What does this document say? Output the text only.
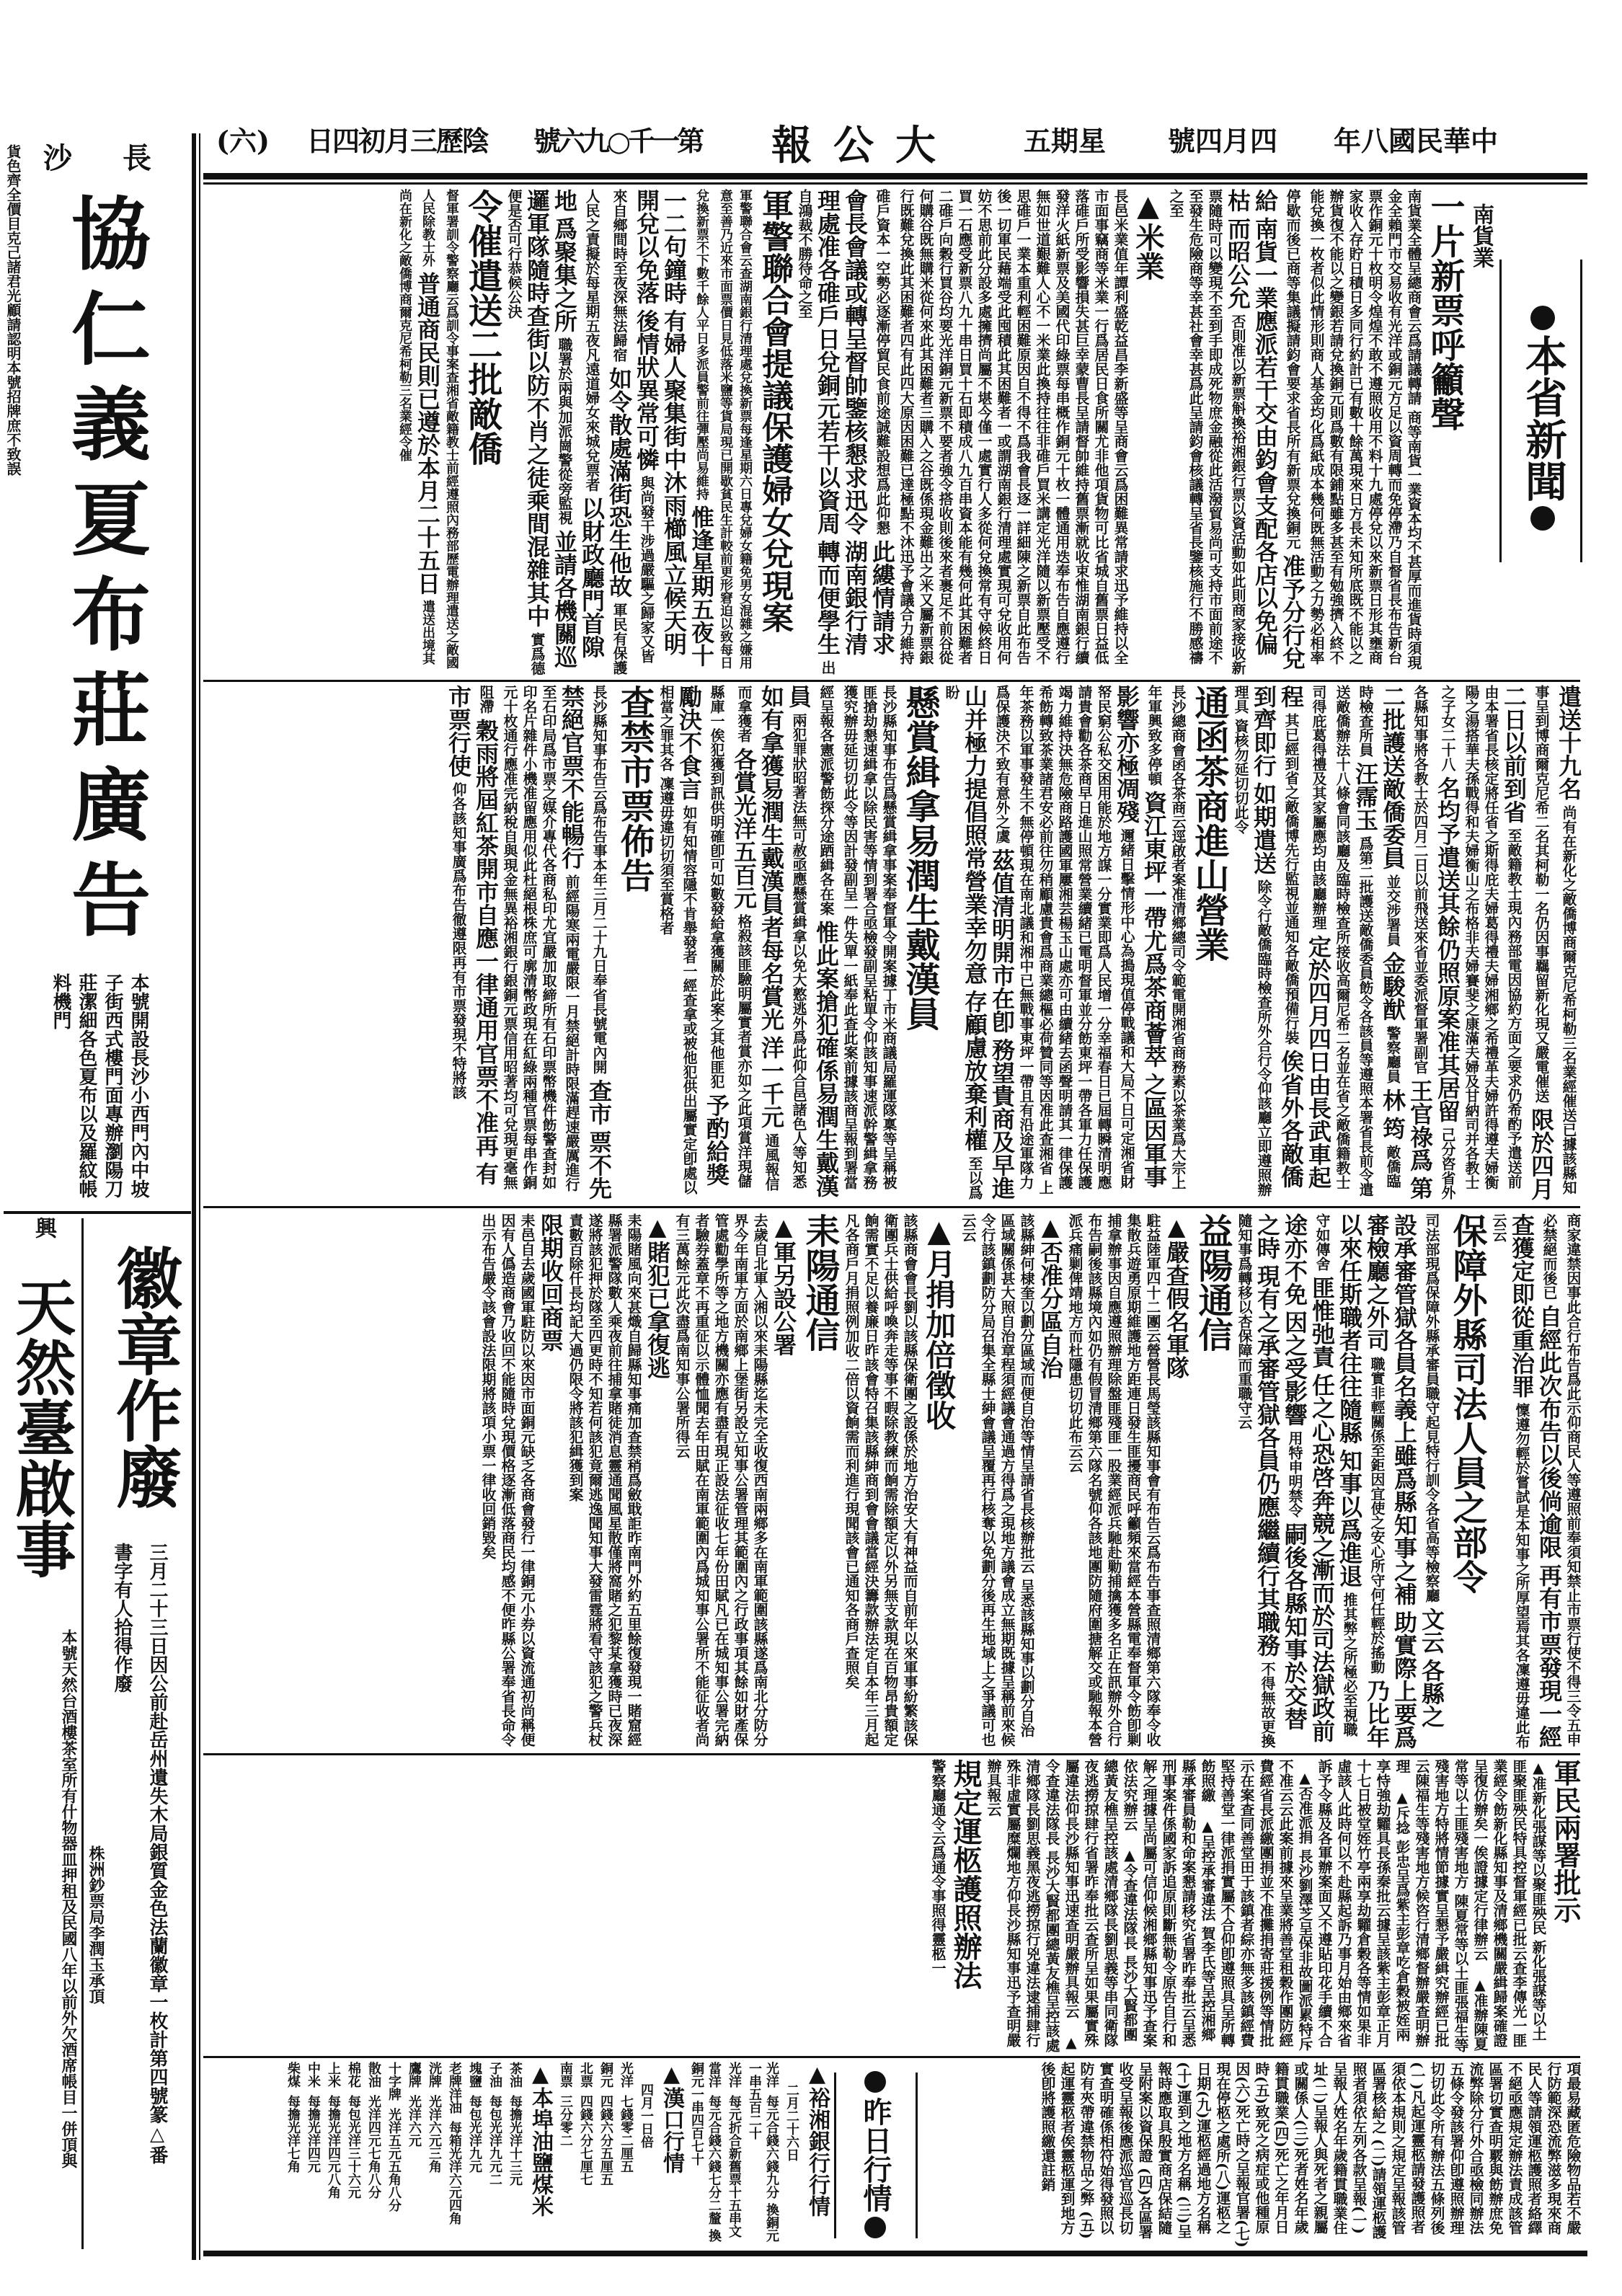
(六) 陰歷三月初四日 第一千○九六號 大公報 星期五 四月四號 中華民國八年
本省新聞
南貨業
一片新票呼籲聲
南貨業全體呈總商會云爲請議轉請 商等南貨一業資本均不甚厚而進貨時須現金全賴門市交易收有光洋或銅元方足以資周轉而免停滯乃自督省長布告新台票作銅元十枚明令煌煌不敢不遵照收用不料十九處停兌以來新票日形其壅商家收入存貯日積日多同行約計已有數十餘萬現來日方長未知所底既不能以之辦貨復不能以之變銀若請兌換銅元則爲數有限鋪點雖多甚至有勉強擠入終不能兌換一枚者似此情形則商人基金均化爲紙成本幾何既無活動之力勢必相率停歇而後已商等集議擬請鈞會要求省長所有新票兌換銅元 准予分行兌給 南貨一業應派若干交由鈞會支配各店以免偏枯 而昭公允 否則准以新票斛換裕湘銀行票以資活動如此則商家接收新票隨時可以變現不至到手即成死物庶金融從此活潑貿易尚可支持市面前途不至發生危險商等幸甚社會幸甚爲此呈請鈞會核議轉呈省長鑒核施行不勝感禱之至
▲米業
長邑米業值年譚利盛乾益昌李新盛等呈商會云爲困難異常請求迅予維持以全市面事竊商等米業一行爲居民日食所關尤非他項貨物可比省城自舊票日益低落碓戶所受影響損失甚巨幸蒙曹長呈請督帥維持舊票漸就收束惟湖南銀行續發洋火紙新票及美國代印綠票每串概作銅元十枚一體通用迭奉布告自應遵行無如世道艱難人心不一米業此換持往往非碓戶買米講定光洋隨以新票壓受不思碓戶一業本重利輕困難原因自不得不爲我會長逐一詳細陳之新票自此布告後一切軍民藉端受此囤積此其困難者一或謂湖南銀行清理處實現可兌收用何妨不思前此分設多處擁擠尚屬不堪今僅一處實行人多從何兌換常有守候終日買一石應受新票八九十串日買十石即積成八九百串資本能有幾何此其困難者二碓戶向穀行買谷均要光洋銅元新票不要者強令搭收則後來者裹足不前谷從何購谷既無購米從何來此其困難者三購入之谷既係現金難出之米又屬新票銀行既難兌換此其困難者四有此四大原因困難已達極點不沐迅予會議合力維持碓戶資本一空勢必逐漸停貿民食前途誠難設想爲此仰懇 此縷情請求會長會議或轉呈督帥鑒核懇求迅令 湖南銀行清理處准各碓戶日兌銅元若干以資周 轉而便學生 出自鴻裁不勝待命之至
軍警聯合會提議保護婦女兌現案
軍警聯合會云查湖南銀行清理處兌換新票每逢星期六日專兌婦女籍免男女混雜之嫌用意至善乃近來市面票價日見低落米鹽等貨局現已開歇貧民生計較前更形窘迫以致每日兌換新票不下數千餘人平日多派員警前往彈壓尚易維持 惟逢星期五夜十一二句鐘時 有婦人聚集街中沐雨櫛風立候天明開兌以免落 後情狀異常可憐 與尚發干涉過嚴驅之歸家又皆來自鄉間時至夜深無法歸宿 如令散處滿街恐生他故 軍民有保護人民之責擬於每星期五夜凡遠道婦女來城兌票者 以財政廳門首隙地 爲聚集之所 職署於兩與加派崗警從旁監視 並請各機關巡 邏軍隊隨時查街以防不肖之徒乘間混雜其中 實爲德便是否可行恭候公決
令催遣送二批敵僑
督軍署訓令警察廳云爲訓令事案查湘省敵籍教士前經遵照內務部歷電辦理遣送之敵國人民除教士外 普通商民則已遵於本月二十五日 遣送出境其尚在新化之敵僑博商爾克尼希柯勒三名業經令催
遣送十九名 尚有在新化之敵僑博商爾克尼希柯勒三名業經催送已據該縣知事呈到博商爾克尼希二名其柯勒一名仍因事羈留新化現又嚴電催送 限於四月二日以前到省 至敵籍教士現內務部電因協約方面之要求仍希酌予遣送前由本署省長核定將任省之斯得庇夫婦葛得禮夫婦湘鄉之希禮革夫婦許得遵夫婦衡陽之湯搭華夫孫戰得和夫婦衡山之布格非夫婦賽斐之康滿夫婦及甘納司并各教士之子女二十八 名均予遣送其餘仍照原案准其居留 己分咨省外各縣知事將各教士於四月二日以前飛送來省並委派督軍署副官 王官祿爲 第二批護送敵僑委員 並交涉署員 金駿猷 警察廳員 林 筠 敵僑臨時檢查所員 汪霈玉 爲第二批護送敵僑委員飭令各該員等遵照本署省長前令遣送敵僑辦法十八條會同該廳及臨時檢查所接收高爾尼希二名並在省之敵僑籍教士司得庇葛得禮及其家屬應均由該廳辦理 定於四月四日由長武車起程 其已經到省之敵僑博先行監視並通知各敵僑預備行裝 俟省外各敵僑到齊即行 如期遣送 除令行敵僑臨時檢查所外合行令仰該廳立即遵照辦理具 資核勿延切切此令
通函茶商進山營業
長沙總商會函各茶商云逕啟者案准清鄉總司令範電開湘省商務素以茶業爲大宗上年軍興致多停頓 資江東坪一帶尤爲茶商薈萃 之區因軍事影響亦極凋殘 邇緒日擊情形中心為搗現值停戰議和大局不日可定湘省財帑民窮公私交困用能於地方謀一分實業即爲人民增一分幸福春日已屆轉瞬清明應請貴會勸各茶商早日進山照常營業續緒已電明督軍並分飭東坪一帶各軍力任保護竭力維持決無危險商路護國軍屢湘芸楊玉山處亦可由續緒去函聲明請其一律保護希飭轉致茶業諸君安必前往勿稍顧慮貴會爲商業總樞必荷贊同等因准此查湘省 上年茶務以軍事發生不無停頓現在南北議和湘中已無戰事東坪一帶且有沿途軍隊力爲保護決不致有意外之虞 茲值清明開市在卽 務望貴商及早進山并極力提倡照常營業幸勿意 存顧慮放棄利權 至以爲盼
懸賞緝拿易潤生戴漢員
長沙縣知事布告爲懸賞緝拿事案奉督軍令開案據丁市米商議局羅運隊稟等呈稱被匪搶劫懇速緝拿以除民害等情到署合亟檢發副呈粘單令仰該知事速派幹警緝拿務獲究辦毋延切切此令等因計發副呈一件失單一紙奉此查此案前據該商呈報到署當經呈報各憲派警飭探分途跴緝各在案 惟此案搶犯確係易潤生戴漢員 兩犯罪狀昭著法無可赦亟應懸賞緝拿以免大憝逃外爲此仰合邑諸色人等知悉 如有拿獲易潤生戴漢員者每名賞光 洋一千元 通風報信而拿獲者 各賞光洋五百元 格殺該匪驗明屬實者賞亦如之此項賞洋現儲縣庫一俟犯獲到訊供明確卽可如數發給拿獲關於此案之其他匪犯 予酌給獎勵決不食言 如有知情容隱不肯舉發者一經查拿或被他犯供出屬實定卽處以相當之罪其各 凜遵毋違切切須至賞格者
查禁市票佈告
長沙縣知事布告云爲布告事本年三月二十九日奉省長號電內開 查市 票不先禁絕官票不能暢行 前經陽寒兩電嚴限一月禁絕計時限滿趕速嚴厲進行至石印局爲市票之媒介專代各商私印尤宜嚴加取締所有石印票幣機件飭警查封如印名片雜件小機准留應用似此杜絕根株庶可廓清幣政現在紅綠兩種官票每串作銅元十枚通行應准完納稅自與現金無異裕湘銀行銀銅元票信用昭著均可兌現更毫無阻滯 穀雨將屆紅茶開市自應一律通用官票不准再 有市票行使 仰各該知事廣爲布告徹遵限再有市票發現不特將該
商家違禁因事此合行布告爲此示仰商民人等遵照前奉須知禁止市票行使不得三令五申必禁絕而後已 自經此次布告以後倘逾限 再有市票發現一經查獲定即從重治罪 懍遵勿輕於嘗試是本知事之所厚望焉其各凜遵毋違此布云云
保障外縣司法人員之部令
司法部現爲保障外縣承審員職守起見特行訓令各省高等檢察廳 文云 各縣之設承審管獄各員名義上雖爲縣知事之補 助實際上要爲審檢廳之外司 職實非輕關係至鉅因宜使之安心所守何任輕於搖動 乃比年以來任斯職者往往隨縣 知事以爲進退 推其弊之所極必至視職守如傳舍 匪惟弛責 任之心恐啓奔競之漸而於司法獄政前途亦不免 因之受影響 用特申明禁令 嗣後各縣知事於交替之時 現有之承審管獄各員仍應繼續行其職務 不得無故更換隨知事爲轉移以杏保障而重職守云
益陽通信
▲嚴查假名軍隊
駐益陸軍四十二團云營營長馬瑩該縣知事會有布告云爲布告事查照清鄉第六隊奉令收集散兵遊勇原期維護地方距連日發生匪擾商民呼籲頻來當經本營縣電奉督軍令飭卽剿捕拿辦事因自應遵照辦理除盤匪殘匪一股業經派兵馳赴勦捕擒獲多名正在訊辦外合行布告嗣後該縣境內如仍有假冒清鄉第六隊名號仰各該地團防隨府圍搪解交或馳報本營派兵痛剿俾靖地方而杜隱患切切此布云云
▲否准分區自治
該縣紳何棣奎以劃分區域而便自治等情呈請省長核辦批云 呈悉該縣知事以劃分自治區域關係甚大照自治章程須經議會通過方得爲之現地方議會成立無期既據呈稱前來候令行該鎮劃防分局召集全縣士紳會議呈覆再行核奪以免劃分後再生地域上之爭議可也云云
▲月捐加倍徵收
該縣商會會長劉以該縣保衛團之設係於地方治安大有神益而自前年以來軍事紛繁該保衛團兵士供給呼喚奔走等事不暇除教練而餉需除額定以外另無支款現在百物昂貴額定餉需實不足以養廉日昨該會特召集該縣紳商到會會議當經決籌款辦法定自本年三月起凡各商戶月捐照例加收二倍以資餉需而利進行現聞該會已通知各商戶查照矣
耒陽通信
▲軍另設公署
去歲自北軍入湘以來耒陽縣迄未完全收復西南兩鄉多在南軍範圍該縣遂爲南北分防分界今年南軍方面於南鄉上堡街另設立知事公署管理其範圍內之行政事項其餘如財產保管處勸學所等之地方機關亦應有盡有現正設法征收七年份田賦凡已在城知事公署完納者驗券蓋章不再重征以示體恤聞去年田賦在南軍範圍內爲城知事公署所不能征收者尚有三萬餘元此次盡爲南知事公署所得云
▲賭犯已拿復逃
耒陽賭風向來甚熾自歸縣知事痛加查禁稍爲斂戢詎昨南門外約五里餘復發現一賭窟經縣署派警隊數人乘夜前往捕拿賭徒消息靈通聞風星散僅將窩賭之犯黎某拿獲時已夜深遂將該犯押於隊至四更時不知若何該犯竟爾逃逸聞知事大發雷霆將看守該犯之警兵杖責數百除仟長均記大過仍限令將該犯緝獲到案
限期收回商票
耒邑自去歲國軍駐防以來因市面銅元缺乏各商會發行一律銅元小券以資流通初尚稱便因有人僞造商會乃收回不能隨時兌現價格逐漸低落商民均感不便昨縣公署奉省長命令出示布告嚴令該會設法限期將該項小票一律收回銷毀矣
軍民兩署批示
▲准新化張謀等以聚匪殃民 新化張謀等以土匪聚匪殃民特具控督軍經已批云查李傳光一匪業經令飭新化縣知事及清鄉機關嚴緝歸案確證呈復仿辦矣一俟證據定行律辦云 ▲准辦陳夏常等以土匪殘害地方 陳夏常等以土匪張福生等殘害地方特將情節據實呈懇予嚴緝究辦經已批云陳福生等殘害地方候咨行清鄉督辦嚴查明辦理 ▲斥捻 彭忠呈爲紫主彭章吃倉穀被姪兩享恃強劫糶具長孫秦批云據呈該紫主彭章正月十七日被堂姪竹亭兩享劫糶倉穀各等情如果非虛該人此時何以不赴縣起訴乃事月始由鄉來省訴予令縣及各軍辦案面又不遵貼印花手續不合 ▲否准派捐 長沙劉澤芝呈保非故圖派累特斥不准云云此案前據來呈業將善堂租穀作團防經費經省長派繳團捐並不准攤捐寄莊援例等情批示在案查同善堂田于該鎮者綜亦無多該鎮經費堅持善堂一律派捐實屬不合仰卽遵照具呈所轉飭照繳 ▲呈控承審違法 賀李氏等呈控湘鄉縣承審員勒和命案懇請移究省署昨奉批云呈悉刑事案件係國家訴追原則斷無勒令原告自行和解之理據呈尚屬可信仰候湘鄉縣知事迅予查案依法究辦云 ▲令查違法隊長 長沙大賢都團總黃友樵呈控該處清鄉隊長劉思義等串同衛隊夜逃撈掠肆行省署昨奉批云查所呈如果屬實殊屬違法仰長沙縣知事迅速查明嚴辦具報云 ▲令查違法隊長 長沙大賢都團總黃友樵呈控該處清鄉隊長劉思義黑夜逃撈掠行兇違法逮捕肆行殊非虛實屬糜爛地方仰長沙縣知事迅予查明嚴辦具報云
規定運柩護照辦法
警察廳通令云爲通令事照得靈柩一
項最易藏匿危險物品若不嚴行防範深恐流弊滋多現來商民人等請領運柩護照者絡繹不絕亟應規定辦法責成該管區署切實查明覈與飭辦庶免流弊除分行外合亟檢同辦法五條令發該署仰卽遵照辦理切切此令所有辦法五條列後 (一)凡起運靈柩請發護照者須依本規則之規定呈報該管區署核給之 (二)請領運柩護照者須依左列各款呈報(一)呈報人姓名年歲籍貫職業住址(二)呈報人與死者之親屬或關係人(三)死者姓名年歲籍貫職業(四)死亡之年月日時(五)致死之病症或他種原因(六)死亡時之呈報官署(七)現在停柩之處所(八)運柩之日期(九)運柩經過地方名稱(十)運到之地方名稱 (三)呈報時應取具殷實商店保結隨呈附案以資保證 (四)各區署收受呈報後應派巡官巡長切實查明確係相符始得發照以防有夾帶違禁物品之弊 (五)起運靈柩者俟靈柩運到地方後卽將護照繳還註銷
昨日行情
▲裕湘銀行行情
二月二十六日
光洋每元合錢六錢九分 換銅元一串五百二十
光洋每元折合新舊票十五串文
當洋每元合錢六錢七分二釐 換銅元一串四百七十
▲漢口行情
四月一日倍
光洋七錢零二厘五
銅元四錢六分五厘五
北票四錢六分七厘七
南票三分零二
▲本埠油鹽煤米
茶油每擔光洋十三元
子油每包光洋九元二
塊鹽每包光洋九元
老牌洋油每箱光洋六元四角
洸牌光洋六元三角
鷹牌光洋六元
十字牌光洋五元五角八分
散油光洋四元七角八分
棉花每包光洋三十六元
上米每擔光洋四元八角
中米每擔光洋四元
柴煤每擔光洋七角
貨色齊全價目克己諸君光顧請認明本號招牌庶不致誤 長沙
協仁義夏布莊廣告
本號開設長沙小西門內中坡子街西式樓門面專辦瀏陽刀莊潔細各色夏布以及羅紋帳料機門
徽章作廢
三月二十三日因公前赴岳州遺失木局銀質金色法蘭徽章一枚計第四號篆△番
書字有人拾得作廢
興
天然臺啟事
本號天然台酒樓茶室所有什物器皿押租及民國八年以前外欠酒席帳目一併頂與 株洲鈔票局李潤玉承頂
